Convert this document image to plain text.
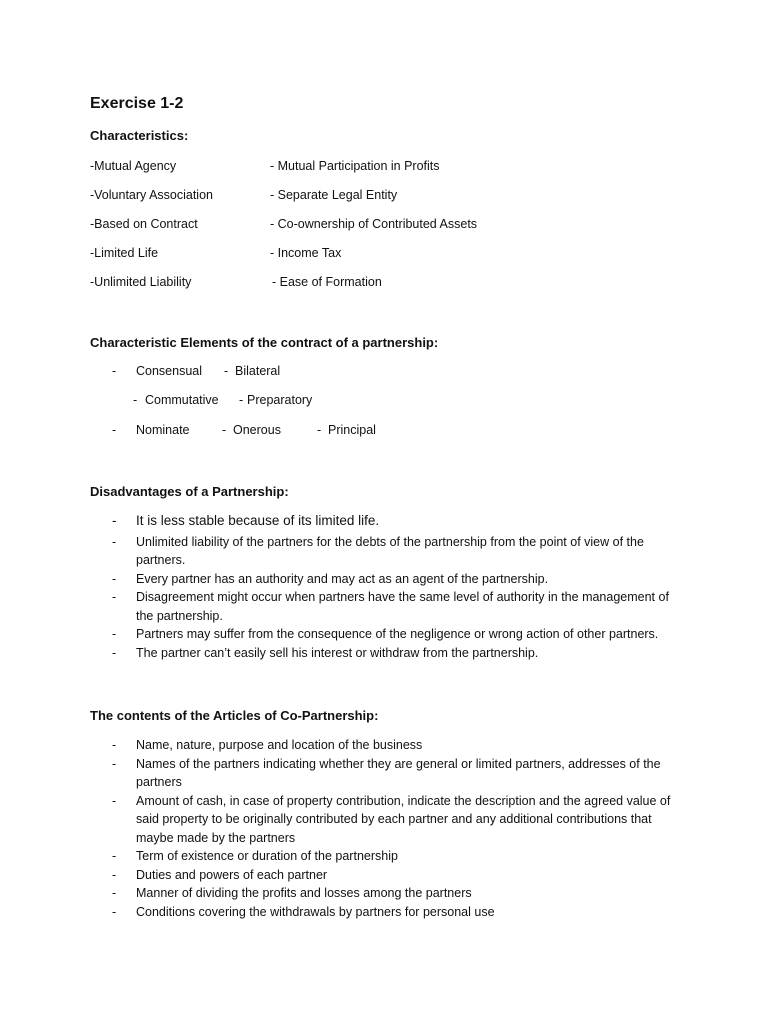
Exercise 1-2
Characteristics:
-Mutual Agency	- Mutual Participation in Profits
-Voluntary Association	- Separate Legal Entity
-Based on Contract	- Co-ownership of Contributed Assets
-Limited Life	- Income Tax
-Unlimited Liability	- Ease of Formation
Characteristic Elements of the contract of a partnership:
- Consensual - Bilateral
- Commutative - Preparatory
- Nominate	- Onerous	- Principal
Disadvantages of a Partnership:
- It is less stable because of its limited life.
- Unlimited liability of the partners for the debts of the partnership from the point of view of the partners.
- Every partner has an authority and may act as an agent of the partnership.
- Disagreement might occur when partners have the same level of authority in the management of the partnership.
- Partners may suffer from the consequence of the negligence or wrong action of other partners.
- The partner can’t easily sell his interest or withdraw from the partnership.
The contents of the Articles of Co-Partnership:
- Name, nature, purpose and location of the business
- Names of the partners indicating whether they are general or limited partners, addresses of the partners
- Amount of cash, in case of property contribution, indicate the description and the agreed value of said property to be originally contributed by each partner and any additional contributions that maybe made by the partners
- Term of existence or duration of the partnership
- Duties and powers of each partner
- Manner of dividing the profits and losses among the partners
- Conditions covering the withdrawals by partners for personal use
